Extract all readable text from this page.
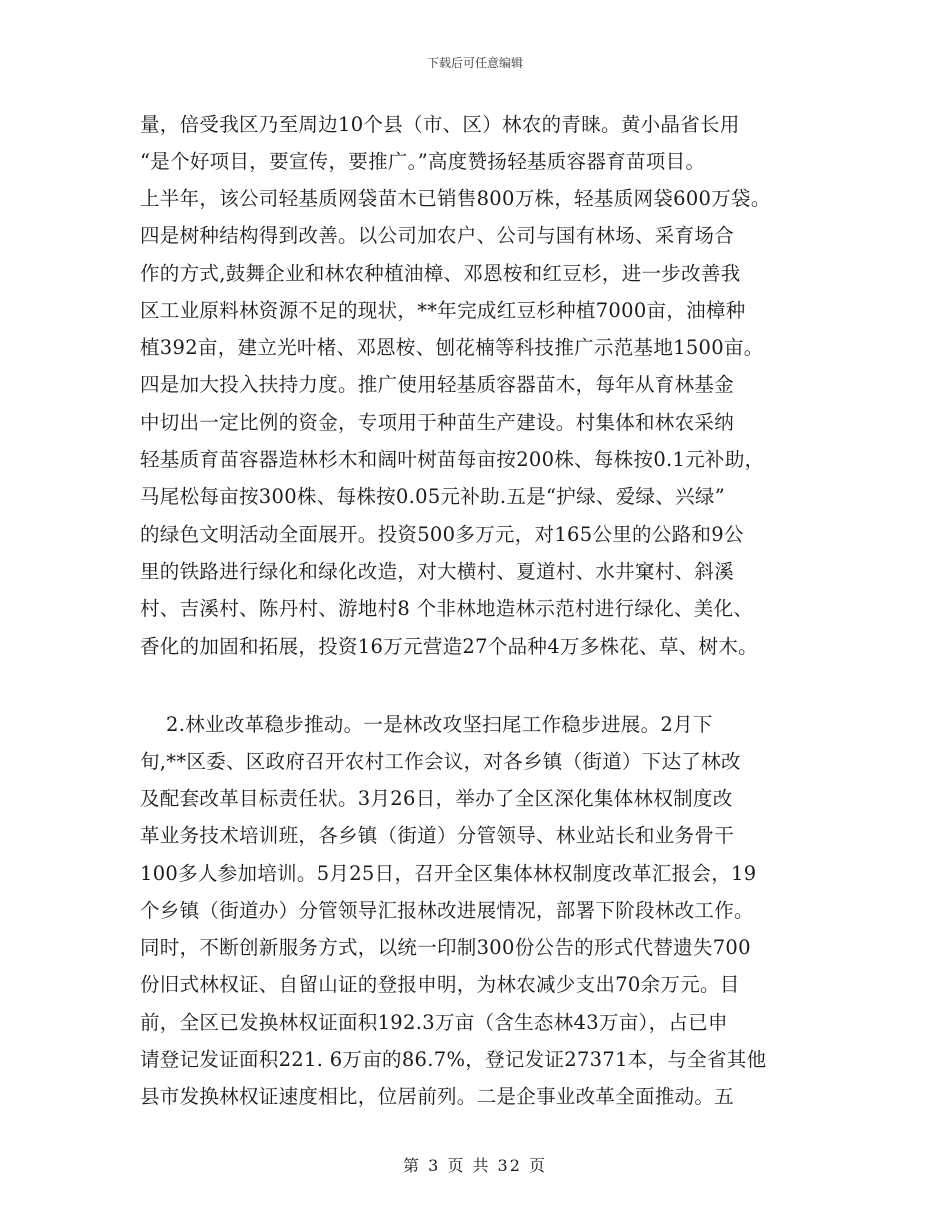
下载后可任意编辑
量，倍受我区乃至周边10个县（市、区）林农的青睐。黄小晶省长用
“是个好项目，要宣传，要推广。”高度赞扬轻基质容器育苗项目。
上半年，该公司轻基质网袋苗木已销售800万株，轻基质网袋600万袋。
四是树种结构得到改善。以公司加农户、公司与国有林场、采育场合
作的方式,鼓舞企业和林农种植油樟、邓恩桉和红豆杉，进一步改善我
区工业原料林资源不足的现状，**年完成红豆杉种植7000亩，油樟种
植392亩，建立光叶楮、邓恩桉、刨花楠等科技推广示范基地1500亩。
四是加大投入扶持力度。推广使用轻基质容器苗木，每年从育林基金
中切出一定比例的资金，专项用于种苗生产建设。村集体和林农采纳
轻基质育苗容器造林杉木和阔叶树苗每亩按200株、每株按0.1元补助，
马尾松每亩按300株、每株按0.05元补助.五是“护绿、爱绿、兴绿”
的绿色文明活动全面展开。投资500多万元，对165公里的公路和9公
里的铁路进行绿化和绿化改造，对大横村、夏道村、水井窠村、斜溪
村、吉溪村、陈丹村、游地村8 个非林地造林示范村进行绿化、美化、
香化的加固和拓展，投资16万元营造27个品种4万多株花、草、树木。
2.林业改革稳步推动。一是林改攻坚扫尾工作稳步进展。2月下
旬,**区委、区政府召开农村工作会议，对各乡镇（街道）下达了林改
及配套改革目标责任状。3月26日，举办了全区深化集体林权制度改
革业务技术培训班，各乡镇（街道）分管领导、林业站长和业务骨干
100多人参加培训。5月25日，召开全区集体林权制度改革汇报会，19
个乡镇（街道办）分管领导汇报林改进展情况，部署下阶段林改工作。
同时，不断创新服务方式，以统一印制300份公告的形式代替遗失700
份旧式林权证、自留山证的登报申明，为林农减少支出70余万元。目
前，全区已发换林权证面积192.3万亩（含生态林43万亩），占已申
请登记发证面积221. 6万亩的86.7%，登记发证27371本，与全省其他
县市发换林权证速度相比，位居前列。二是企事业改革全面推动。五
第 3 页 共 32 页
